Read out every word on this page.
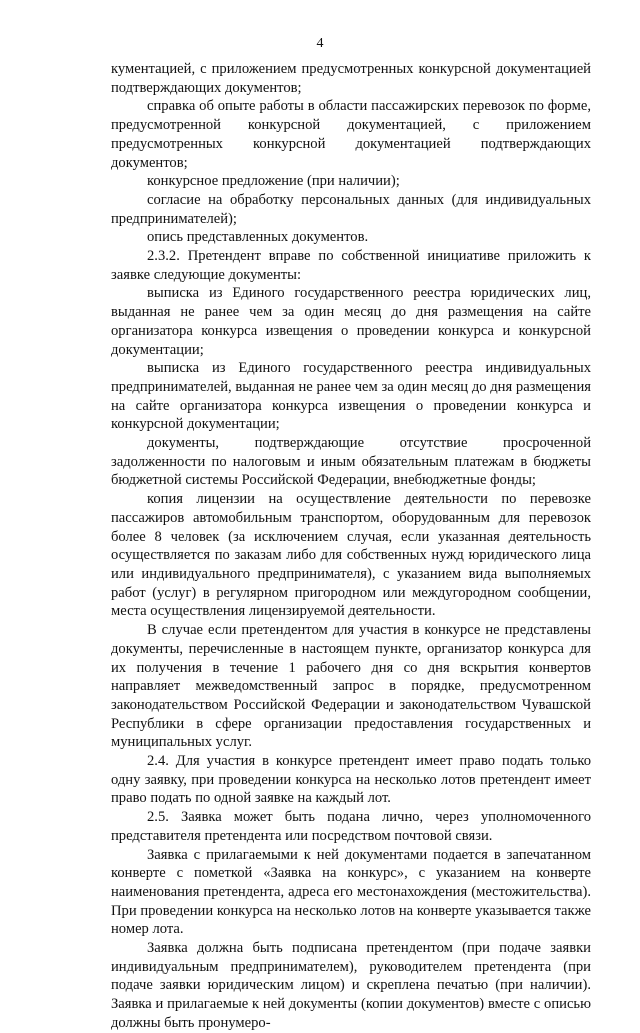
4

кументацией, с приложением предусмотренных конкурсной документацией подтверждающих документов;

справка об опыте работы в области пассажирских перевозок по форме, предусмотренной конкурсной документацией, с приложением предусмотренных конкурсной документацией подтверждающих документов;

конкурсное предложение (при наличии);

согласие на обработку персональных данных (для индивидуальных предпринимателей);

опись представленных документов.

2.3.2. Претендент вправе по собственной инициативе приложить к заявке следующие документы:

выписка из Единого государственного реестра юридических лиц, выданная не ранее чем за один месяц до дня размещения на сайте организатора конкурса извещения о проведении конкурса и конкурсной документации;

выписка из Единого государственного реестра индивидуальных предпринимателей, выданная не ранее чем за один месяц до дня размещения на сайте организатора конкурса извещения о проведении конкурса и конкурсной документации;

документы, подтверждающие отсутствие просроченной задолженности по налоговым и иным обязательным платежам в бюджеты бюджетной системы Российской Федерации, внебюджетные фонды;

копия лицензии на осуществление деятельности по перевозке пассажиров автомобильным транспортом, оборудованным для перевозок более 8 человек (за исключением случая, если указанная деятельность осуществляется по заказам либо для собственных нужд юридического лица или индивидуального предпринимателя), с указанием вида выполняемых работ (услуг) в регулярном пригородном или междугородном сообщении, места осуществления лицензируемой деятельности.

В случае если претендентом для участия в конкурсе не представлены документы, перечисленные в настоящем пункте, организатор конкурса для их получения в течение 1 рабочего дня со дня вскрытия конвертов направляет межведомственный запрос в порядке, предусмотренном законодательством Российской Федерации и законодательством Чувашской Республики в сфере организации предоставления государственных и муниципальных услуг.

2.4. Для участия в конкурсе претендент имеет право подать только одну заявку, при проведении конкурса на несколько лотов претендент имеет право подать по одной заявке на каждый лот.

2.5. Заявка может быть подана лично, через уполномоченного представителя претендента или посредством почтовой связи.

Заявка с прилагаемыми к ней документами подается в запечатанном конверте с пометкой «Заявка на конкурс», с указанием на конверте наименования претендента, адреса его местонахождения (местожительства). При проведении конкурса на несколько лотов на конверте указывается также номер лота.

Заявка должна быть подписана претендентом (при подаче заявки индивидуальным предпринимателем), руководителем претендента (при подаче заявки юридическим лицом) и скреплена печатью (при наличии). Заявка и прилагаемые к ней документы (копии документов) вместе с описью должны быть пронумеро-
